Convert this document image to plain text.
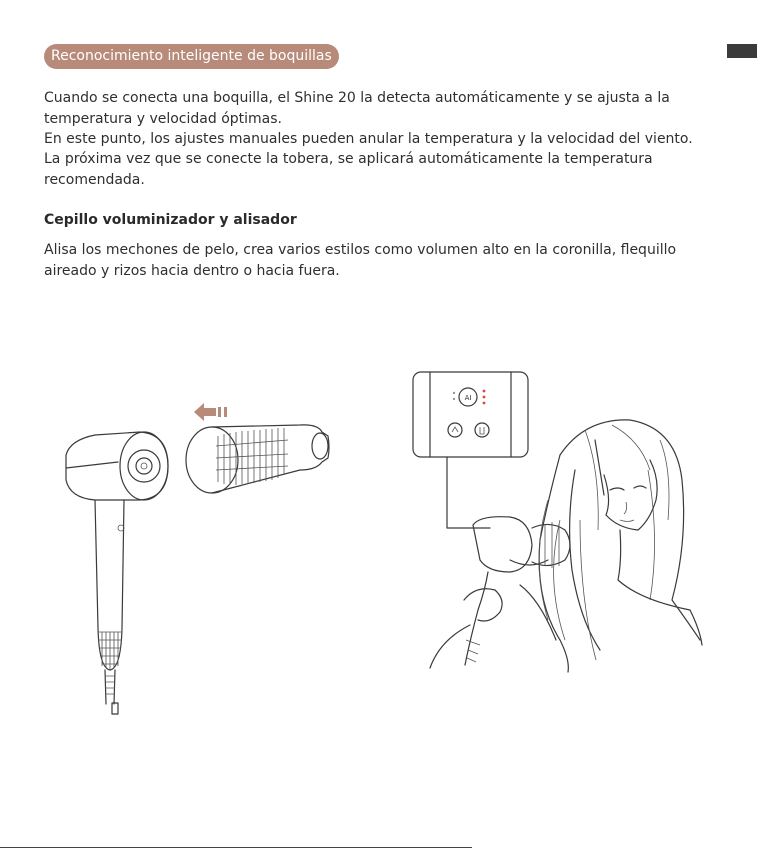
Reconocimiento inteligente de boquillas

Cuando se conecta una boquilla, el Shine 20 la detecta automáticamente y se ajusta a la temperatura y velocidad óptimas.

En este punto, los ajustes manuales pueden anular la temperatura y la velocidad del viento.

La próxima vez que se conecte la tobera, se aplicará automáticamente la temperatura recomendada.

Cepillo voluminizador y alisador

Alisa los mechones de pelo, crea varios estilos como volumen alto en la coronilla, flequillo aireado y rizos hacia dentro o hacia fuera.

AI
